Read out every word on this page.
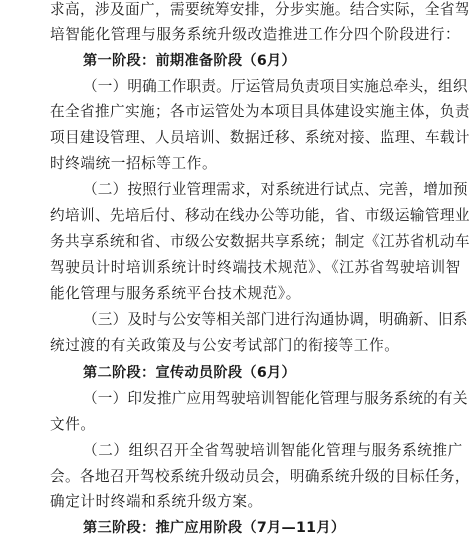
求高，涉及面广，需要统筹安排，分步实施。结合实际，全省驾
培智能化管理与服务系统升级改造推进工作分四个阶段进行：
第一阶段：前期准备阶段（6月）
（一）明确工作职责。厅运管局负责项目实施总牵头，组织
在全省推广实施；各市运管处为本项目具体建设实施主体，负责
项目建设管理、人员培训、数据迁移、系统对接、监理、车载计
时终端统一招标等工作。
（二）按照行业管理需求，对系统进行试点、完善，增加预
约培训、先培后付、移动在线办公等功能，省、市级运输管理业
务共享系统和省、市级公安数据共享系统；制定《江苏省机动车
驾驶员计时培训系统计时终端技术规范》、《江苏省驾驶培训智
能化管理与服务系统平台技术规范》。
（三）及时与公安等相关部门进行沟通协调，明确新、旧系
统过渡的有关政策及与公安考试部门的衔接等工作。
第二阶段：宣传动员阶段（6月）
（一）印发推广应用驾驶培训智能化管理与服务系统的有关
文件。
（二）组织召开全省驾驶培训智能化管理与服务系统推广
会。各地召开驾校系统升级动员会，明确系统升级的目标任务，
确定计时终端和系统升级方案。
第三阶段：推广应用阶段（7月—11月）
